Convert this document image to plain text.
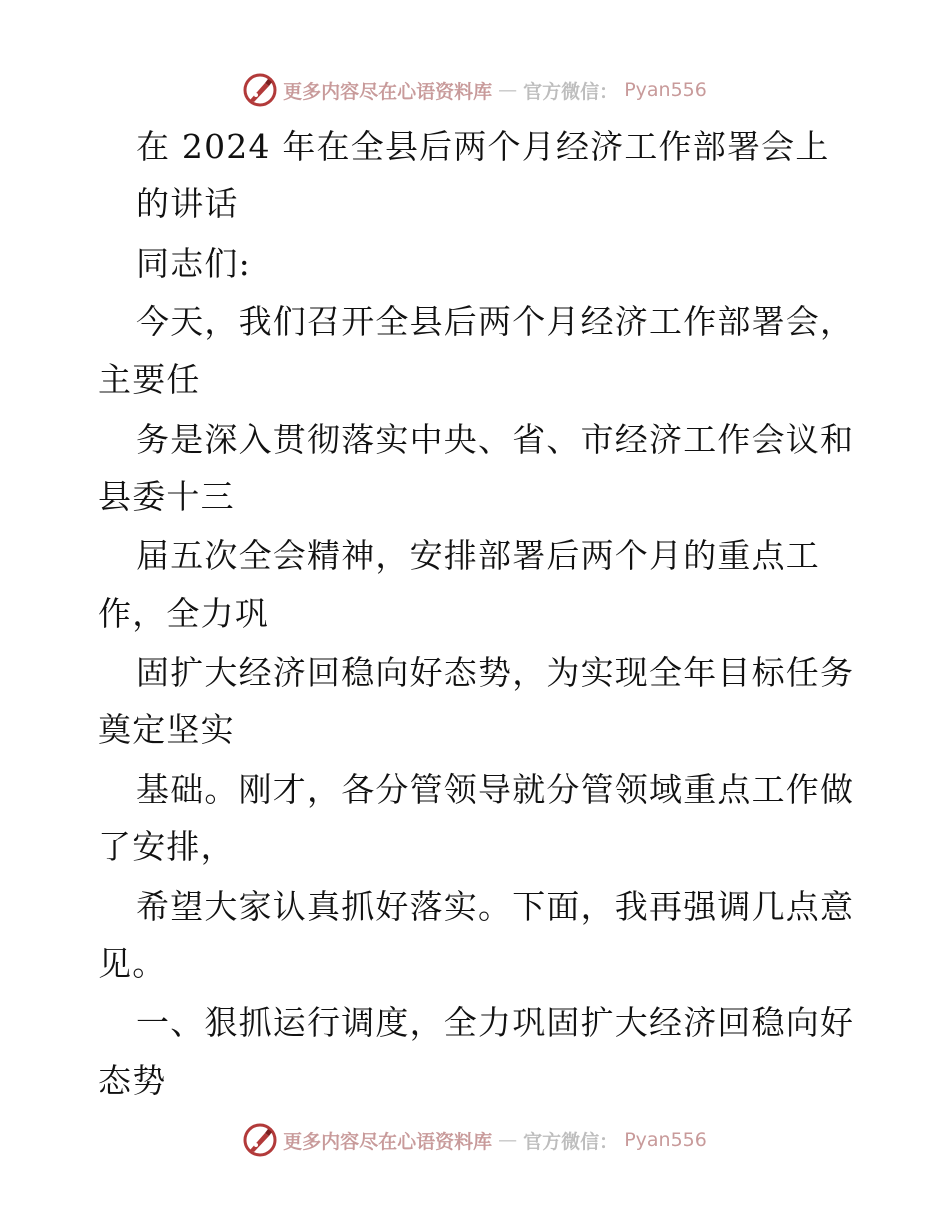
更多内容尽在心语资料库 — 官方微信： Pyan556
在 2024 年在全县后两个月经济工作部署会上
的讲话
同志们:
今天，我们召开全县后两个月经济工作部署会，
主要任
务是深入贯彻落实中央、省、市经济工作会议和
县委十三
届五次全会精神，安排部署后两个月的重点工
作，全力巩
固扩大经济回稳向好态势，为实现全年目标任务
奠定坚实
基础。刚才，各分管领导就分管领域重点工作做
了安排，
希望大家认真抓好落实。下面，我再强调几点意
见。
一、狠抓运行调度，全力巩固扩大经济回稳向好
态势
更多内容尽在心语资料库 — 官方微信： Pyan556
